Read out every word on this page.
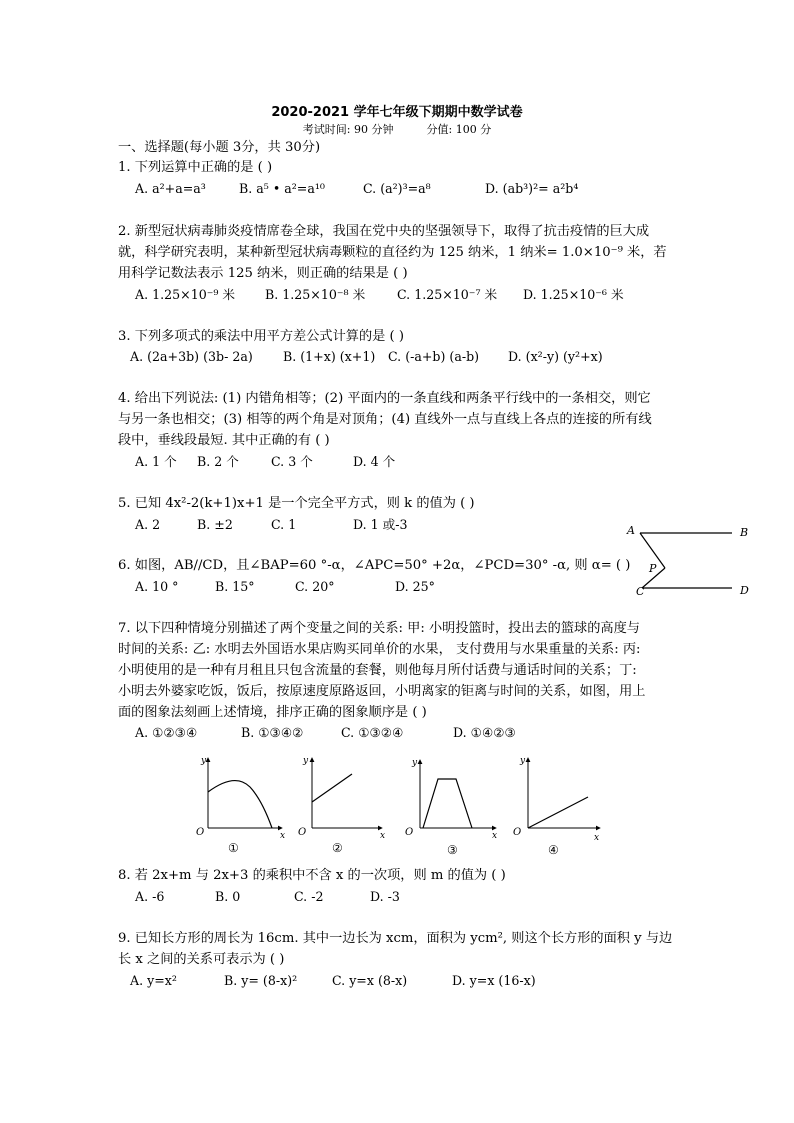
2020-2021 学年七年级下期期中数学试卷
考试时间: 90 分钟	分值: 100 分
一、选择题(每小题 3分，共 30分)
1. 下列运算中正确的是 ( )
A. a²+a=a³	B. a⁵ • a²=a¹⁰	C. (a²)³=a⁸	D. (ab³)²= a²b⁴
2. 新型冠状病毒肺炎疫情席卷全球，我国在党中央的坚强领导下，取得了抗击疫情的巨大成
就，科学研究表明，某种新型冠状病毒颗粒的直径约为 125 纳米，1 纳米= 1.0×10⁻⁹ 米，若
用科学记数法表示 125 纳米，则正确的结果是 ( )
A. 1.25×10⁻⁹ 米 B. 1.25×10⁻⁸ 米	C. 1.25×10⁻⁷ 米 D. 1.25×10⁻⁶ 米
3. 下列多项式的乘法中用平方差公式计算的是 ( )
A. (2a+3b) (3b- 2a) B. (1+x) (x+1) C. (-a+b) (a-b) D. (x²-y) (y²+x)
4. 给出下列说法: (1) 内错角相等；(2) 平面内的一条直线和两条平行线中的一条相交，则它
与另一条也相交；(3) 相等的两个角是对顶角；(4) 直线外一点与直线上各点的连接的所有线
段中，垂线段最短. 其中正确的有 ( )
A. 1 个 B. 2 个	C. 3 个	D. 4 个
5. 已知 4x²-2(k+1)x+1 是一个完全平方式，则 k 的值为 ( )
A. 2	B. ±2	C. 1	D. 1 或-3	A	B
P
C	D
6. 如图，AB//CD，且∠BAP=60 °-α，∠APC=50° +2α，∠PCD=30° -α, 则 α= ( )
A. 10 °	B. 15°	C. 20°	D. 25°
7. 以下四种情境分别描述了两个变量之间的关系: 甲: 小明投篮时，投出去的篮球的高度与
时间的关系: 乙: 水明去外国语水果店购买同单价的水果， 支付费用与水果重量的关系: 丙:
小明使用的是一种有月租且只包含流量的套餐，则他每月所付话费与通话时间的关系；丁:
小明去外婆家吃饭，饭后，按原速度原路返回，小明离家的钜离与时间的关系，如图，用上
面的图象法刻画上述情境，排序正确的图象顺序是 ( )
A. ①②③④	B. ①③④②	C. ①③②④	D. ①④②③
y
O	x
①
y
O	x
②
y
O	x
③
y
O	x
④
8. 若 2x+m 与 2x+3 的乘积中不含 x 的一次项，则 m 的值为 ( )
A. -6	B. 0	C. -2	D. -3
9. 已知长方形的周长为 16cm. 其中一边长为 xcm，面积为 ycm², 则这个长方形的面积 y 与边
长 x 之间的关系可表示为 ( )
A. y=x²	B. y= (8-x)²	C. y=x (8-x)	D. y=x (16-x)
